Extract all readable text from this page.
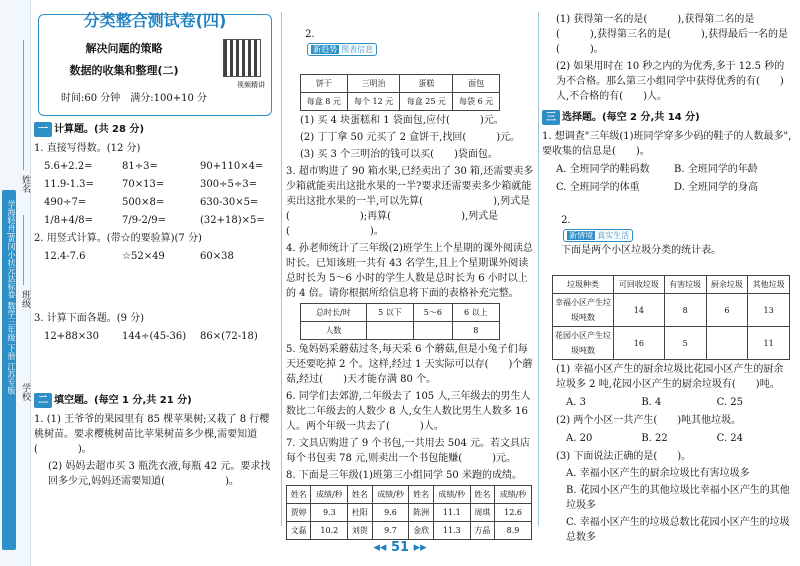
姓名
班级
学校
学海轻舟|黄冈小状元达标卷 数学三年级 下册 江苏专版
分类整合测试卷(四)
解决问题的策略
数据的收集和整理(二)
时间:60 分钟　满分:100+10 分
视频精讲
一 计算题。(共 28 分)
1. 直接写得数。(12 分)
5.6+2.2=	81÷3=	90+110×4=
11.9-1.3=	70×13=	300÷5÷3=
490÷7=	500×8=	630-30×5=
1/8+4/8=	7/9-2/9=	(32+18)×5=
2. 用竖式计算。(带☆的要验算)(7 分)
12.4-7.6	☆52×49	60×38
3. 计算下面各题。(9 分)
12+88×30	144÷(45-36)	86×(72-18)
二 填空题。(每空 1 分,共 21 分)
1. (1) 王爷爷的果园里有 85 棵苹果树;又栽了 8 行樱桃树苗。要求樱桃树苗比苹果树苗多少棵,需要知道(　　　　)。
(2) 妈妈去超市买 3 瓶洗衣液,每瓶 42 元。要求找回多少元,妈妈还需要知道(　　　　　　)。

2.
新趋势 图表信息

饼干	三明治	蛋糕	面包
每盒 8 元	每个 12 元	每盒 25 元	每袋 6 元
(1) 买 4 块蛋糕和 1 袋面包,应付(　　　)元。
(2) 丁丁拿 50 元买了 2 盒饼干,找回(　　　)元。
(3) 买 3 个三明治的钱可以买(　　)袋面包。
3. 超市购进了 90 箱水果,已经卖出了 30 箱,还需要卖多少箱就能卖出这批水果的一半?要求还需要卖多少箱就能卖出这批水果的一半,可以先算(　　　　　　　),列式是(　　　　　　　);再算(　　　　　　　),列式是(　　　　　　　　)。
4. 孙老师统计了三年级(2)班学生上个星期的课外阅读总时长。已知该班一共有 43 名学生,且上个星期课外阅读总时长为 5～6 小时的学生人数是总时长为 6 小时以上的 4 倍。请你根据所给信息将下面的表格补充完整。
总时长/时	5 以下	5～6	6 以上
人数			8
5. 兔妈妈采蘑菇过冬,每天采 6 个蘑菇,但是小兔子们每天还要吃掉 2 个。这样,经过 1 天实际可以存(　　)个蘑菇,经过(　　)天才能存满 80 个。
6. 同学们去郊游,二年级去了 105 人,三年级去的男生人数比二年级去的人数少 8 人,女生人数比男生人数多 16 人。两个年级一共去了(　　　)人。
7. 文具店购进了 9 个书包,一共用去 504 元。若文具店每个书包卖 78 元,则卖出一个书包能赚(　　　)元。
8. 下面是三年级(1)班第三小组同学 50 米跑的成绩。
姓名	成绩/秒	姓名	成绩/秒	姓名	成绩/秒	姓名	成绩/秒
贾婷	9.3	杜阳	9.6	陈洲	11.1	周琪	12.6
文磊	10.2	刘贺	9.7	金欣	11.3	方晶	8.9
(1) 获得第一名的是(　　　),获得第二名的是(　　　),获得第三名的是(　　　),获得最后一名的是(　　　)。
(2) 如果用时在 10 秒之内的为优秀,多于 12.5 秒的为不合格。那么第三小组同学中获得优秀的有(　　)人,不合格的有(　　)人。
三 选择题。(每空 2 分,共 14 分)
1. 想调查"三年级(1)班同学穿多少码的鞋子的人数最多",要收集的信息是(　　)。
A. 全班同学的鞋码数	B. 全班同学的年龄
C. 全班同学的体重	D. 全班同学的身高

2.
新情境 真实生活
下面是两个小区垃圾分类的统计表。

垃圾种类	可回收垃圾	有害垃圾	厨余垃圾	其他垃圾
幸福小区产生垃圾吨数	14	8	6	13
花园小区产生垃圾吨数	16	5		11
(1) 幸福小区产生的厨余垃圾比花园小区产生的厨余垃圾多 2 吨,花园小区产生的厨余垃圾有(　　)吨。
A. 3	B. 4	C. 25
(2) 两个小区一共产生(　　)吨其他垃圾。
A. 20	B. 22	C. 24
(3) 下面说法正确的是(　　)。
A. 幸福小区产生的厨余垃圾比有害垃圾多
B. 花园小区产生的其他垃圾比幸福小区产生的其他垃圾多
C. 幸福小区产生的垃圾总数比花园小区产生的垃圾总数多
◂◂ 51 ▸▸
